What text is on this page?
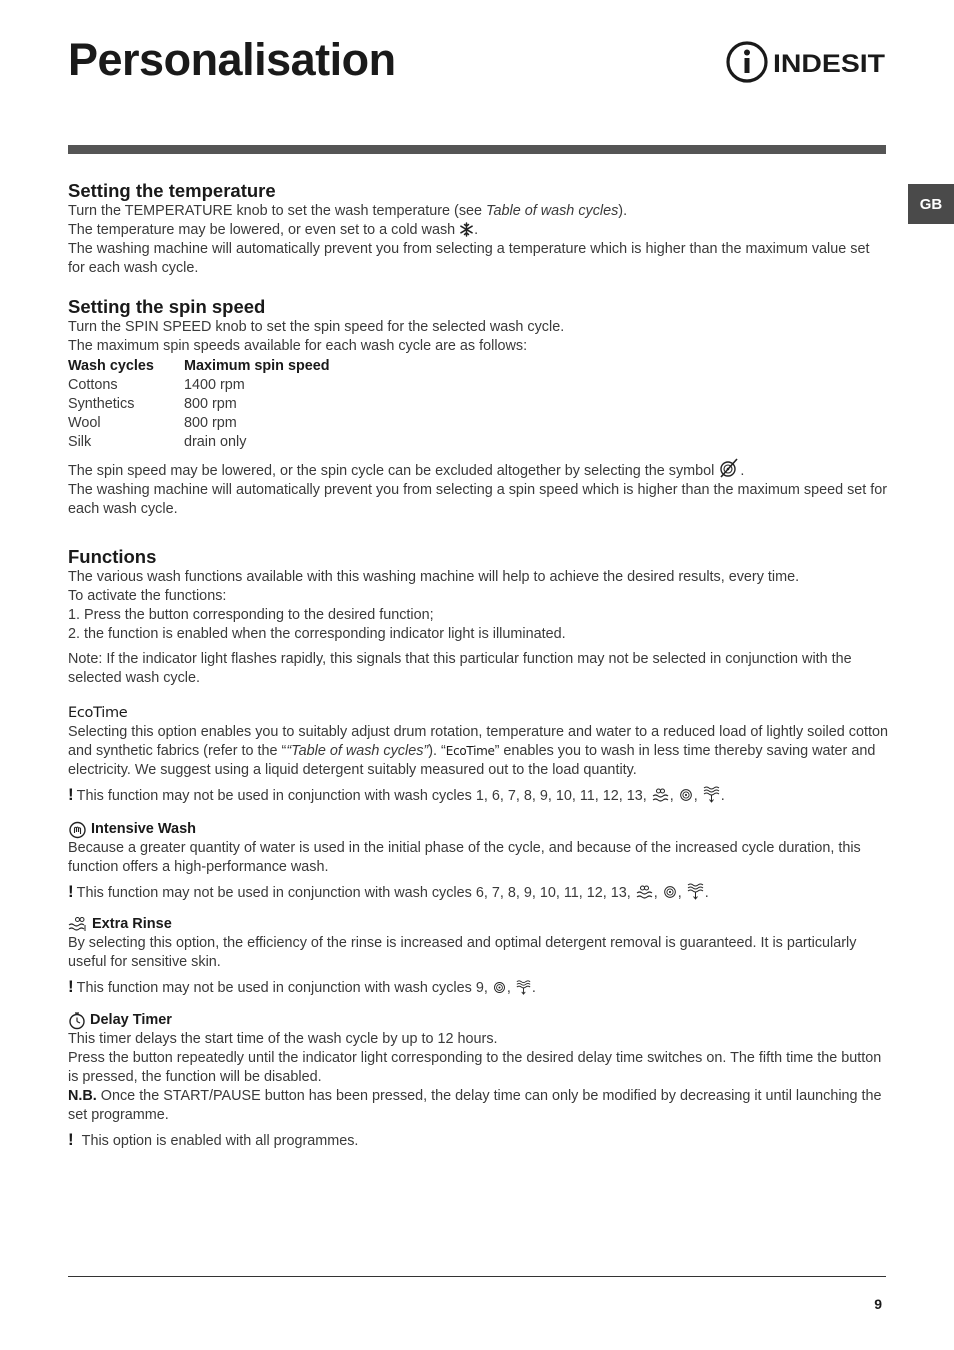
Personalisation	INDESIT
GB
Setting the temperature

Turn the TEMPERATURE knob to set the wash temperature (see Table of wash cycles).

The temperature may be lowered, or even set to a cold wash .

The washing machine will automatically prevent you from selecting a temperature which is higher than the maximum value set for each wash cycle.

Setting the spin speed

Turn the SPIN SPEED knob to set the spin speed for the selected wash cycle.

The maximum spin speeds available for each wash cycle are as follows:

Wash cycles	Maximum spin speed
Cottons	1400 rpm
Synthetics	800 rpm
Wool	800 rpm
Silk	drain only

The spin speed may be lowered, or the spin cycle can be excluded altogether by selecting the symbol .

The washing machine will automatically prevent you from selecting a spin speed which is higher than the maximum speed set for each wash cycle.

Functions

The various wash functions available with this washing machine will help to achieve the desired results, every time.

To activate the functions:

1. Press the button corresponding to the desired function;

2. the function is enabled when the corresponding indicator light is illuminated.

Note: If the indicator light flashes rapidly, this signals that this particular function may not be selected in conjunction with the selected wash cycle.

EcoTime

Selecting this option enables you to suitably adjust drum rotation, temperature and water to a reduced load of lightly soiled cotton and synthetic fabrics (refer to the ““Table of wash cycles”). “EcoTime” enables you to wash in less time thereby saving water and electricity. We suggest using a liquid detergent suitably measured out to the load quantity.

! This function may not be used in conjunction with wash cycles 1, 6, 7, 8, 9, 10, 11, 12, 13, , , .

Intensive Wash

Because a greater quantity of water is used in the initial phase of the cycle, and because of the increased cycle duration, this function offers a high-performance wash.

! This function may not be used in conjunction with wash cycles 6, 7, 8, 9, 10, 11, 12, 13, , , .

Extra Rinse

By selecting this option, the efficiency of the rinse is increased and optimal detergent removal is guaranteed. It is particularly useful for sensitive skin.

! This function may not be used in conjunction with wash cycles 9, , .

Delay Timer

This timer delays the start time of the wash cycle by up to 12 hours.

Press the button repeatedly until the indicator light corresponding to the desired delay time switches on. The fifth time the button is pressed, the function will be disabled.

N.B. Once the START/PAUSE button has been pressed, the delay time can only be modified by decreasing it until launching the set programme.

! This option is enabled with all programmes.

9
